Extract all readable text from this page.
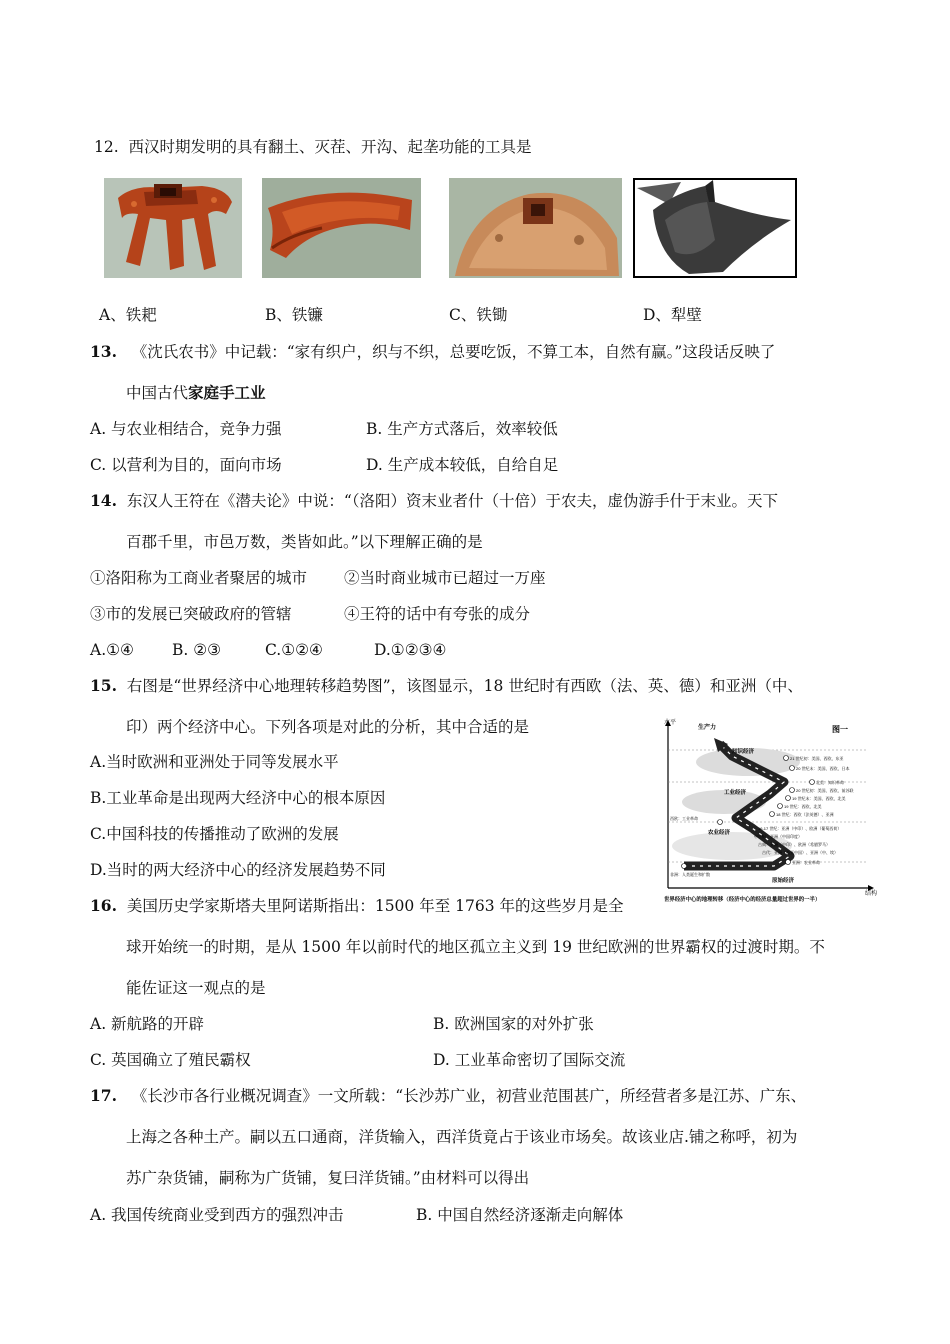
12. 西汉时期发明的具有翻土、灭茬、开沟、起垄功能的工具是
A、铁耙	B、铁镰	C、铁锄	D、犁壁
13. 《沈氏农书》中记载：“家有织户，织与不织，总要吃饭，不算工本，自然有赢。”这段话反映了
中国古代家庭手工业
A. 与农业相结合，竞争力强	B. 生产方式落后，效率较低
C. 以营利为目的，面向市场	D. 生产成本较低，自给自足
14. 东汉人王符在《潜夫论》中说：“（洛阳）资末业者什（十倍）于农夫，虚伪游手什于末业。天下
百郡千里，市邑万数，类皆如此。”以下理解正确的是
①洛阳称为工商业者聚居的城市 ②当时商业城市已超过一万座
③市的发展已突破政府的管辖	④王符的话中有夸张的成分
A.①④ B. ②③	C.①②④	D.①②③④
15. 右图是“世界经济中心地理转移趋势图”，该图显示，18 世纪时有西欧（法、英、德）和亚洲（中、
印）两个经济中心。下列各项是对此的分析，其中合适的是
A.当时欧洲和亚洲处于同等发展水平
B.工业革命是出现两大经济中心的根本原因
C.中国科技的传播推动了欧洲的发展
D.当时的两大经济中心的经济发展趋势不同
水平
结构
图一
生产力
知识经济
工业经济
农业经济
原始经济
21 世纪初：美国、西欧、东亚
20 世纪末：美国、西欧、日本
北美：知识革命
20 世纪初：美国、西欧、前苏联
19 世纪末：美国、西欧、北美
19 世纪：西欧、北美
18 世纪：西欧（法英德）、亚洲
西欧：工业革命
16-17 世纪：亚洲（中印）、欧洲（葡萄西荷）
中世纪：亚洲（中国印度）
古典：亚洲（中印）、欧洲（希腊罗马）
古代：亚洲（西亚中国）、亚洲（中、埃）
亚洲：农业革命
非洲：人类诞生和扩散
世界经济中心的地理转移（经济中心的经济总量超过世界的一半）
16. 美国历史学家斯塔夫里阿诺斯指出：1500 年至 1763 年的这些岁月是全
球开始统一的时期，是从 1500 年以前时代的地区孤立主义到 19 世纪欧洲的世界霸权的过渡时期。不
能佐证这一观点的是
A. 新航路的开辟	B. 欧洲国家的对外扩张
C. 英国确立了殖民霸权	D. 工业革命密切了国际交流
17. 《长沙市各行业概况调查》一文所载：“长沙苏广业，初营业范围甚广，所经营者多是江苏、广东、
上海之各种土产。嗣以五口通商，洋货输入，西洋货竟占于该业市场矣。故该业店.铺之称呼，初为
苏广杂货铺，嗣称为广货铺，复曰洋货铺。”由材料可以得出
A. 我国传统商业受到西方的强烈冲击	B. 中国自然经济逐渐走向解体
